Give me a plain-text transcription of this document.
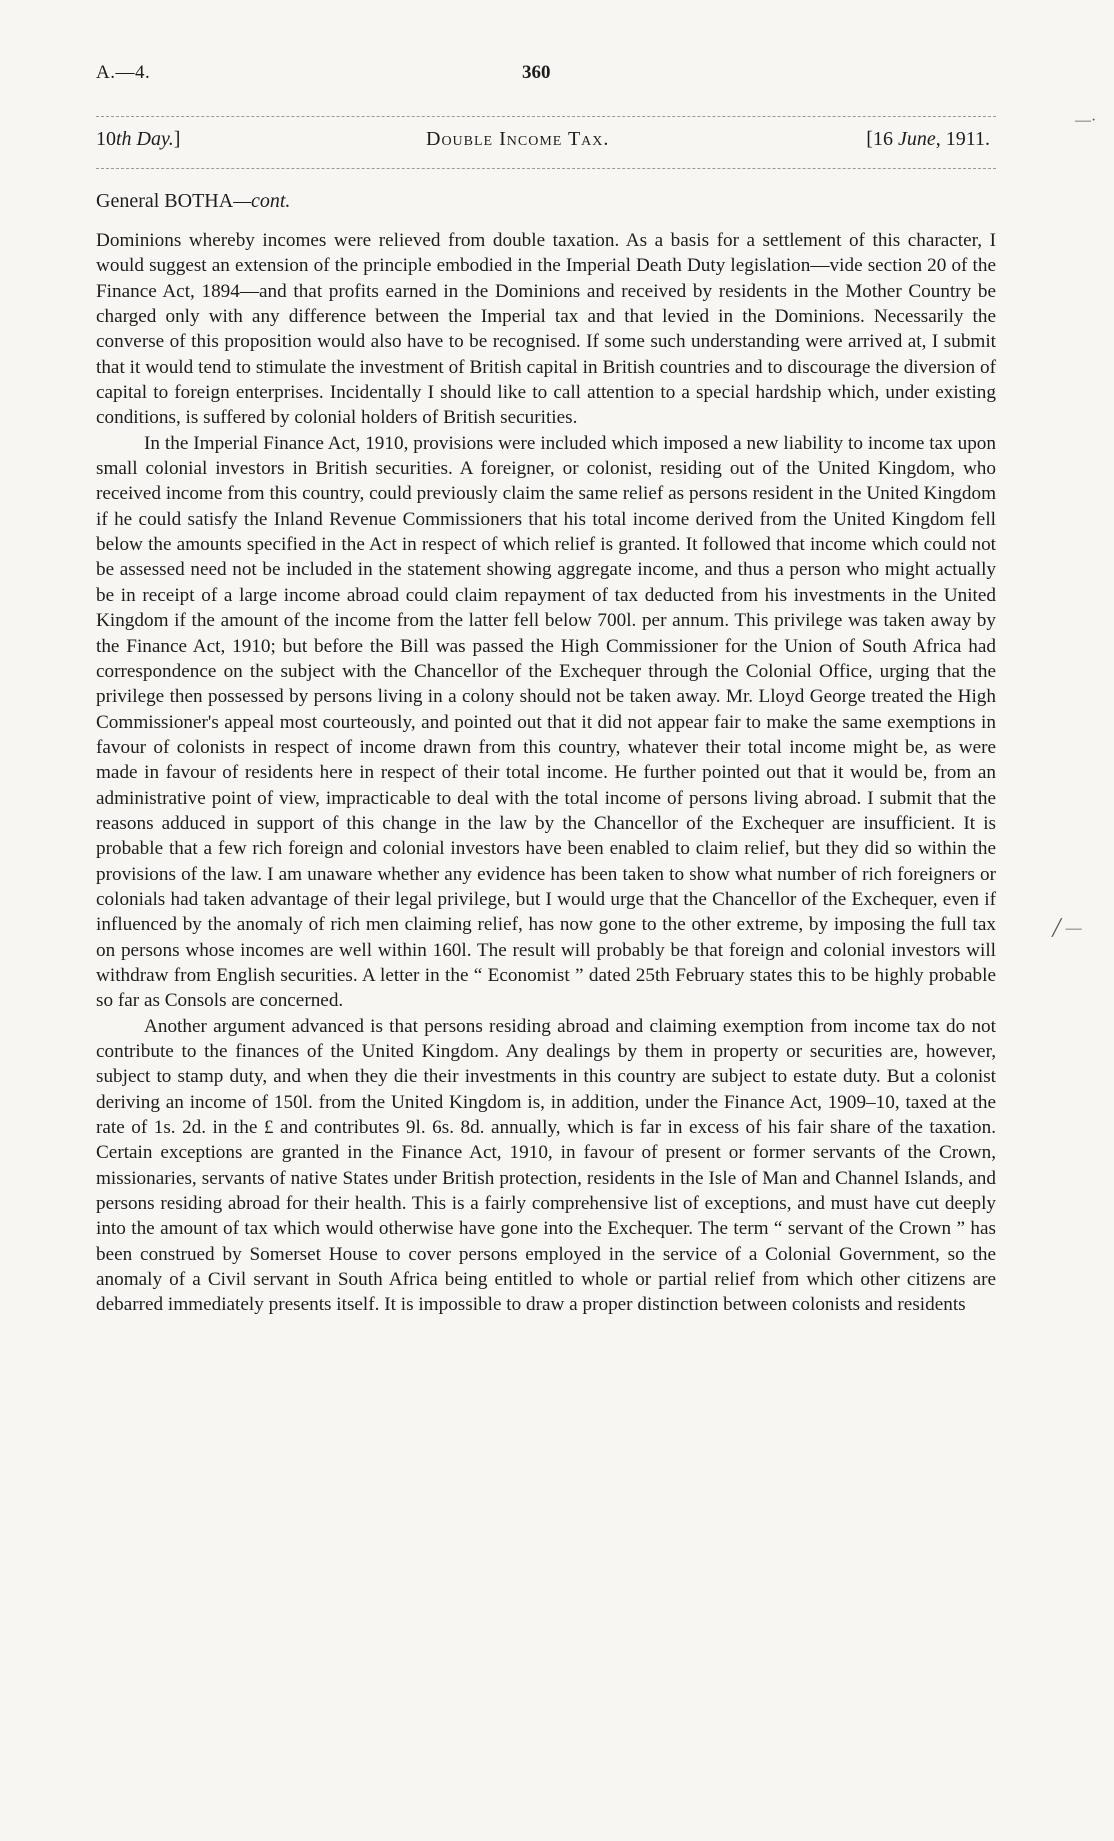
A.—4.	360
10th Day.]	Double Income Tax.	[16 June, 1911.
General BOTHA—cont.

Dominions whereby incomes were relieved from double taxation. As a basis for a settlement of this character, I would suggest an extension of the principle embodied in the Imperial Death Duty legislation—vide section 20 of the Finance Act, 1894—and that profits earned in the Dominions and received by residents in the Mother Country be charged only with any difference between the Imperial tax and that levied in the Dominions. Necessarily the converse of this proposition would also have to be recognised. If some such understanding were arrived at, I submit that it would tend to stimulate the investment of British capital in British countries and to discourage the diversion of capital to foreign enterprises. Incidentally I should like to call attention to a special hardship which, under existing conditions, is suffered by colonial holders of British securities.

In the Imperial Finance Act, 1910, provisions were included which imposed a new liability to income tax upon small colonial investors in British securities. A foreigner, or colonist, residing out of the United Kingdom, who received income from this country, could previously claim the same relief as persons resident in the United Kingdom if he could satisfy the Inland Revenue Commissioners that his total income derived from the United Kingdom fell below the amounts specified in the Act in respect of which relief is granted. It followed that income which could not be assessed need not be included in the statement showing aggregate income, and thus a person who might actually be in receipt of a large income abroad could claim repayment of tax deducted from his investments in the United Kingdom if the amount of the income from the latter fell below 700l. per annum. This privilege was taken away by the Finance Act, 1910; but before the Bill was passed the High Commissioner for the Union of South Africa had correspondence on the subject with the Chancellor of the Exchequer through the Colonial Office, urging that the privilege then possessed by persons living in a colony should not be taken away. Mr. Lloyd George treated the High Commissioner's appeal most courteously, and pointed out that it did not appear fair to make the same exemptions in favour of colonists in respect of income drawn from this country, whatever their total income might be, as were made in favour of residents here in respect of their total income. He further pointed out that it would be, from an administrative point of view, impracticable to deal with the total income of persons living abroad. I submit that the reasons adduced in support of this change in the law by the Chancellor of the Exchequer are insufficient. It is probable that a few rich foreign and colonial investors have been enabled to claim relief, but they did so within the provisions of the law. I am unaware whether any evidence has been taken to show what number of rich foreigners or colonials had taken advantage of their legal privilege, but I would urge that the Chancellor of the Exchequer, even if influenced by the anomaly of rich men claiming relief, has now gone to the other extreme, by imposing the full tax on persons whose incomes are well within 160l. The result will probably be that foreign and colonial investors will withdraw from English securities. A letter in the “ Economist ” dated 25th February states this to be highly probable so far as Consols are concerned.

Another argument advanced is that persons residing abroad and claiming exemption from income tax do not contribute to the finances of the United Kingdom. Any dealings by them in property or securities are, however, subject to stamp duty, and when they die their investments in this country are subject to estate duty. But a colonist deriving an income of 150l. from the United Kingdom is, in addition, under the Finance Act, 1909–10, taxed at the rate of 1s. 2d. in the £ and contributes 9l. 6s. 8d. annually, which is far in excess of his fair share of the taxation. Certain exceptions are granted in the Finance Act, 1910, in favour of present or former servants of the Crown, missionaries, servants of native States under British protection, residents in the Isle of Man and Channel Islands, and persons residing abroad for their health. This is a fairly comprehensive list of exceptions, and must have cut deeply into the amount of tax which would otherwise have gone into the Exchequer. The term “ servant of the Crown ” has been construed by Somerset House to cover persons employed in the service of a Colonial Government, so the anomaly of a Civil servant in South Africa being entitled to whole or partial relief from which other citizens are debarred immediately presents itself. It is impossible to draw a proper distinction between colonists and residents

—·
╱ —
